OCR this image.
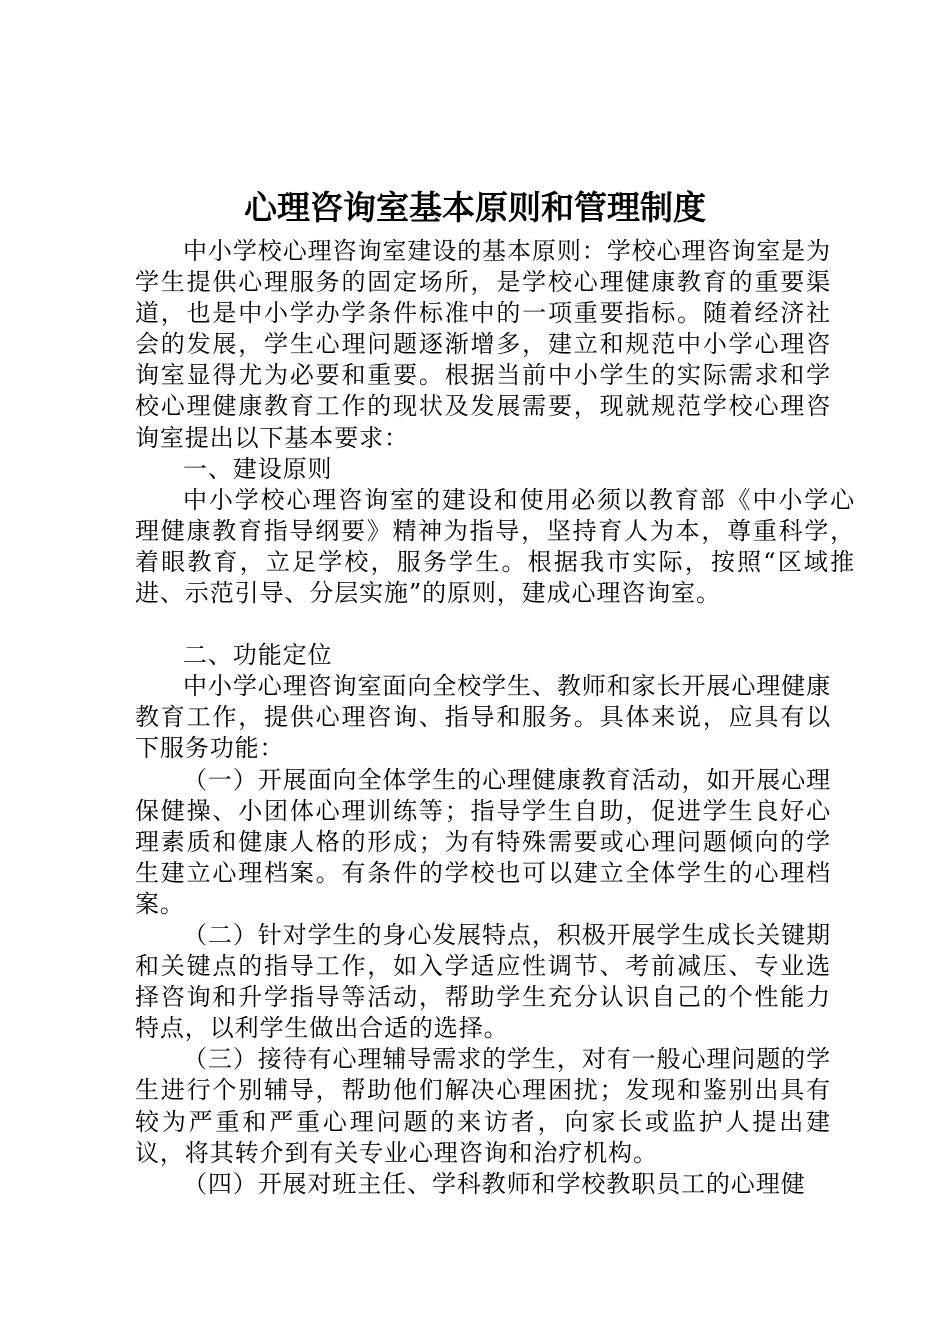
心理咨询室基本原则和管理制度

中小学校心理咨询室建设的基本原则：学校心理咨询室是为学生提供心理服务的固定场所，是学校心理健康教育的重要渠道，也是中小学办学条件标准中的一项重要指标。随着经济社会的发展，学生心理问题逐渐增多，建立和规范中小学心理咨询室显得尤为必要和重要。根据当前中小学生的实际需求和学校心理健康教育工作的现状及发展需要，现就规范学校心理咨询室提出以下基本要求：

一、建设原则

中小学校心理咨询室的建设和使用必须以教育部《中小学心理健康教育指导纲要》精神为指导，坚持育人为本，尊重科学，着眼教育，立足学校，服务学生。根据我市实际，按照“区域推进、示范引导、分层实施”的原则，建成心理咨询室。

二、功能定位

中小学心理咨询室面向全校学生、教师和家长开展心理健康教育工作，提供心理咨询、指导和服务。具体来说，应具有以下服务功能：

（一）开展面向全体学生的心理健康教育活动，如开展心理保健操、小团体心理训练等；指导学生自助，促进学生良好心理素质和健康人格的形成；为有特殊需要或心理问题倾向的学生建立心理档案。有条件的学校也可以建立全体学生的心理档案。

（二）针对学生的身心发展特点，积极开展学生成长关键期和关键点的指导工作，如入学适应性调节、考前减压、专业选择咨询和升学指导等活动，帮助学生充分认识自己的个性能力特点，以利学生做出合适的选择。

（三）接待有心理辅导需求的学生，对有一般心理问题的学生进行个别辅导，帮助他们解决心理困扰；发现和鉴别出具有较为严重和严重心理问题的来访者，向家长或监护人提出建议，将其转介到有关专业心理咨询和治疗机构。

（四）开展对班主任、学科教师和学校教职员工的心理健
